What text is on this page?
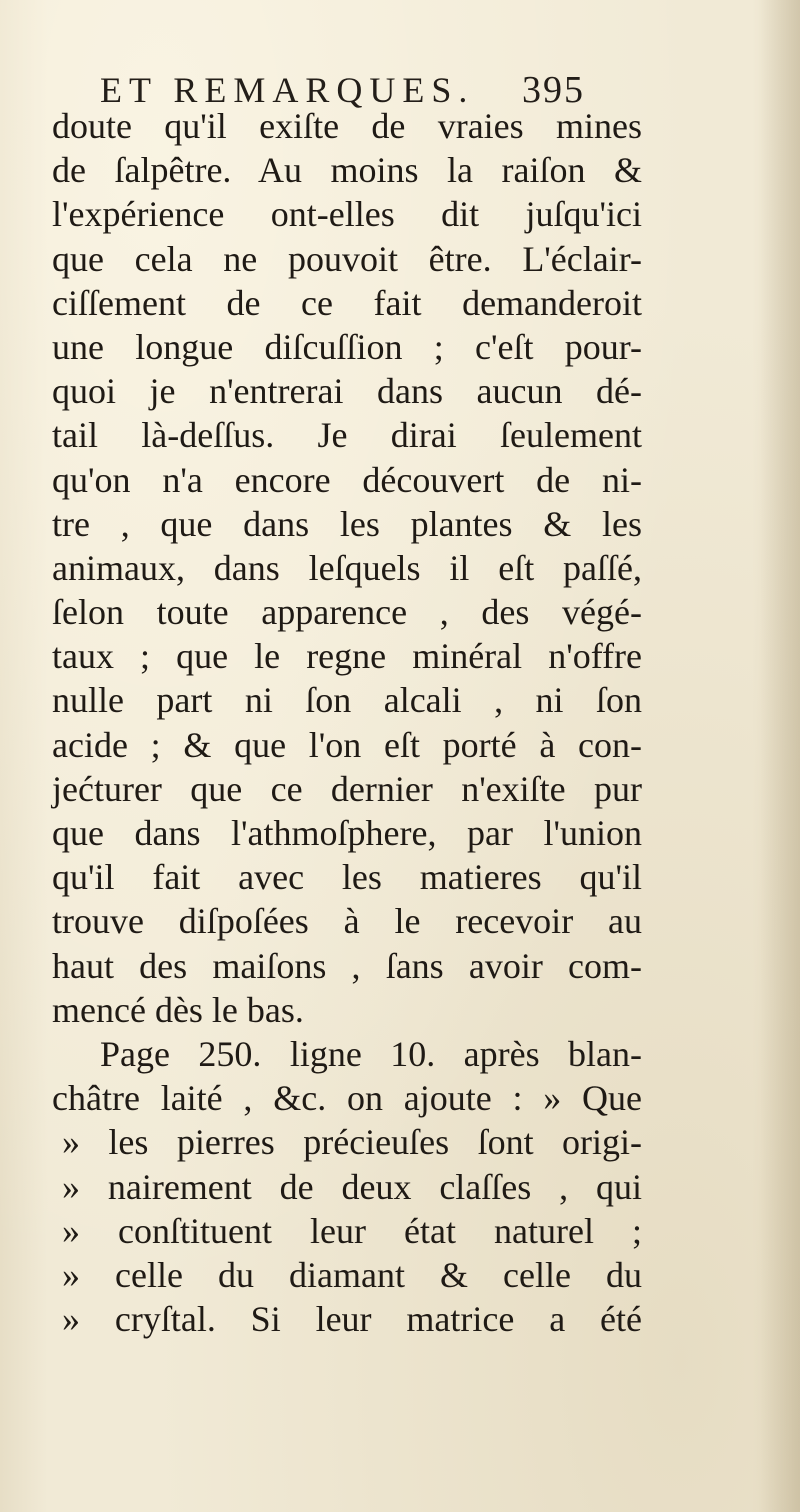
ET REMARQUES.	395
doute qu'il exiſte de vraies mines
de ſalpêtre. Au moins la raiſon &
l'expérience ont-elles dit juſqu'ici
que cela ne pouvoit être. L'éclair-
ciſſement de ce fait demanderoit
une longue diſcuſſion ; c'eſt pour-
quoi je n'entrerai dans aucun dé-
tail là-deſſus. Je dirai ſeulement
qu'on n'a encore découvert de ni-
tre , que dans les plantes & les
animaux, dans leſquels il eſt paſſé,
ſelon toute apparence , des végé-
taux ; que le regne minéral n'offre
nulle part ni ſon alcali , ni ſon
acide ; & que l'on eſt porté à con-
jećturer que ce dernier n'exiſte pur
que dans l'athmoſphere, par l'union
qu'il fait avec les matieres qu'il
trouve diſpoſées à le recevoir au
haut des maiſons , ſans avoir com-
mencé dès le bas.
Page 250. ligne 10. après blan-
châtre laité , &c. on ajoute : » Que
» les pierres précieuſes ſont origi-
» nairement de deux claſſes , qui
» conſtituent leur état naturel ;
» celle du diamant & celle du
» cryſtal. Si leur matrice a été
